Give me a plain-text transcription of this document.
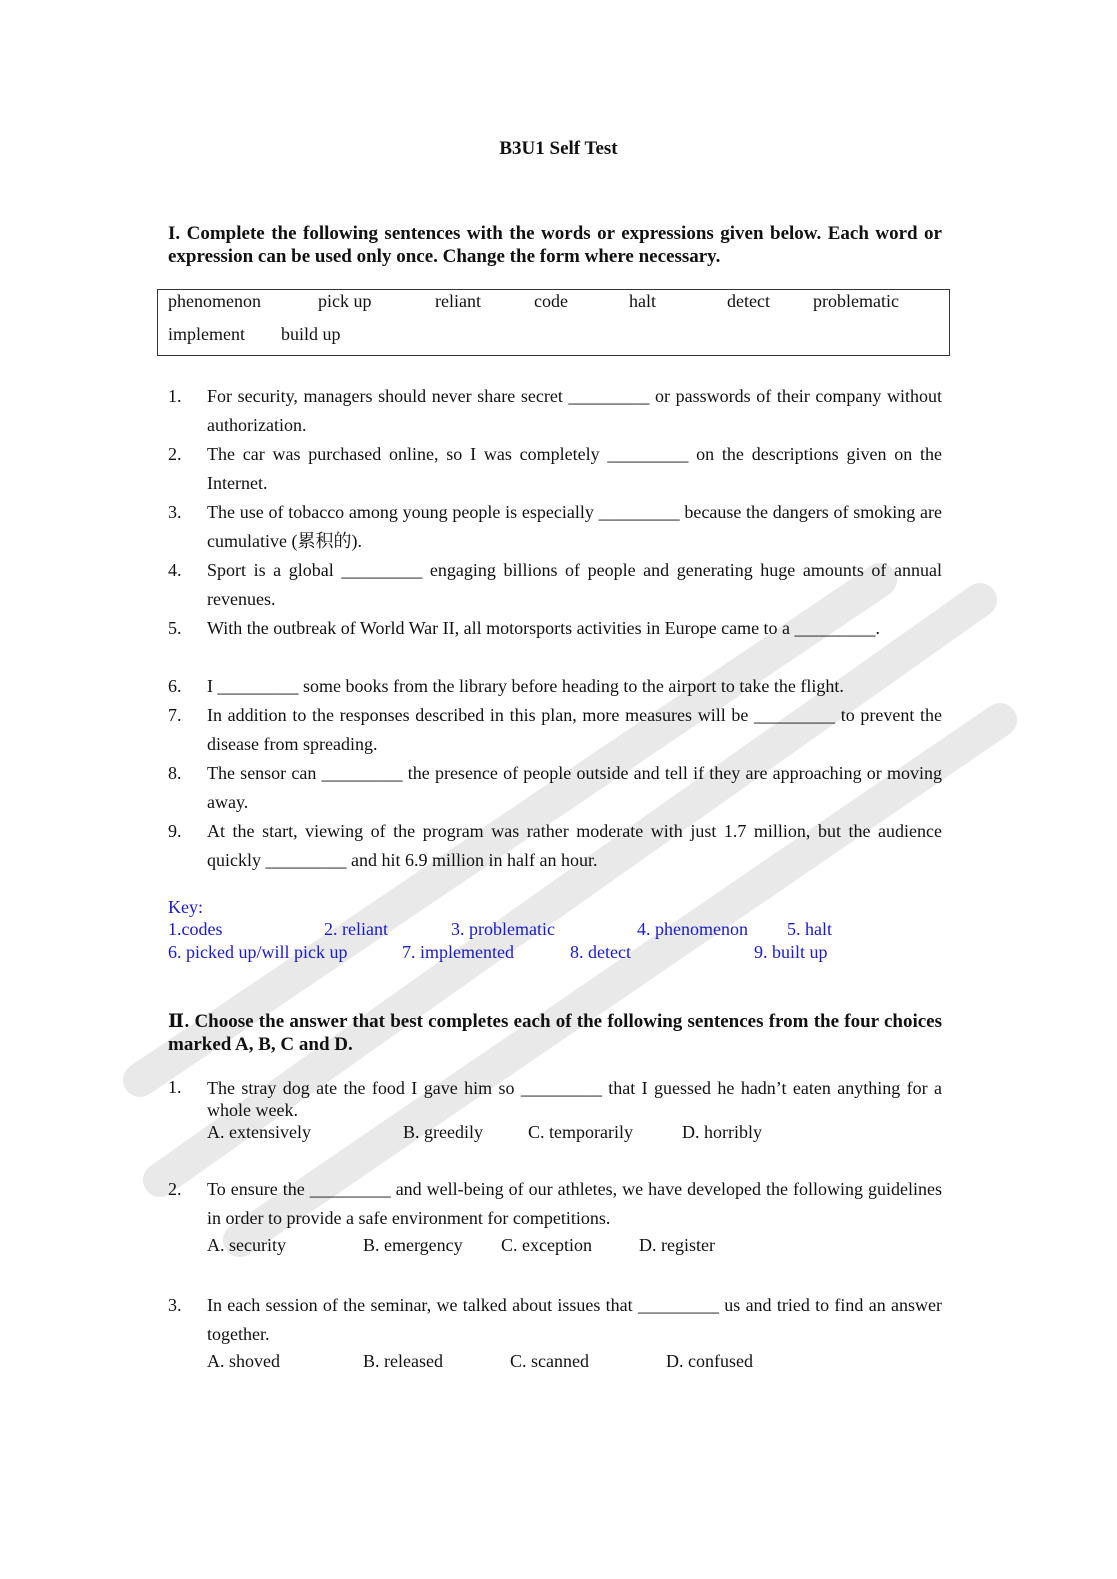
B3U1 Self Test
I. Complete the following sentences with the words or expressions given below. Each word or expression can be used only once. Change the form where necessary.
phenomenon	pick up	reliant	code	halt	detect problematic
implement build up
1. For security, managers should never share secret _________ or passwords of their company without authorization.
2. The car was purchased online, so I was completely _________ on the descriptions given on the Internet.
3. The use of tobacco among young people is especially _________ because the dangers of smoking are cumulative (累积的).
4. Sport is a global _________ engaging billions of people and generating huge amounts of annual revenues.
5. With the outbreak of World War II, all motorsports activities in Europe came to a _________.
6. I _________ some books from the library before heading to the airport to take the flight.
7. In addition to the responses described in this plan, more measures will be _________ to prevent the disease from spreading.
8. The sensor can _________ the presence of people outside and tell if they are approaching or moving away.
9. At the start, viewing of the program was rather moderate with just 1.7 million, but the audience quickly _________ and hit 6.9 million in half an hour.
Key:
1.codes	2. reliant	3. problematic	4. phenomenon 5. halt
6. picked up/will pick up	7. implemented	8. detect	9. built up
Ⅱ. Choose the answer that best completes each of the following sentences from the four choices marked A, B, C and D.
1. The stray dog ate the food I gave him so _________ that I guessed he hadn’t eaten anything for a whole week.
A. extensively	B. greedily	C. temporarily	D. horribly
2. To ensure the _________ and well-being of our athletes, we have developed the following guidelines in order to provide a safe environment for competitions.
A. security	B. emergency C. exception	D. register
3. In each session of the seminar, we talked about issues that _________ us and tried to find an answer together.
A. shoved	B. released	C. scanned	D. confused
